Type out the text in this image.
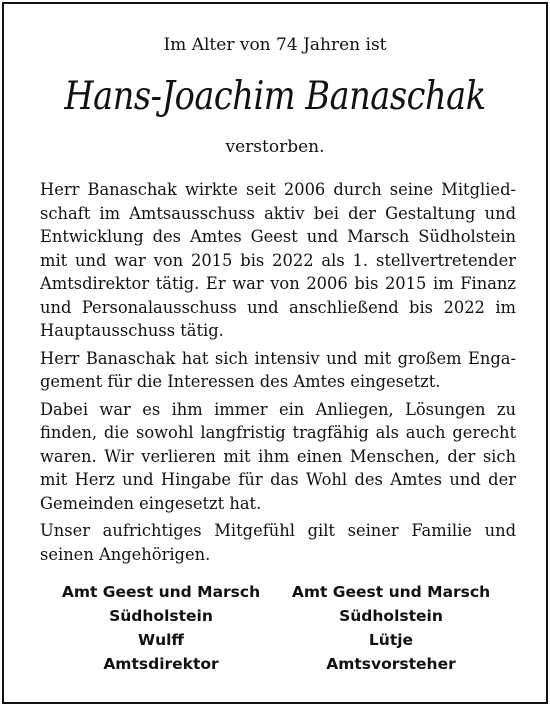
Im Alter von 74 Jahren ist
Hans-Joachim Banaschak
verstorben.

Herr Banaschak wirkte seit 2006 durch seine Mitglied-
schaft im Amtsausschuss aktiv bei der Gestaltung und
Entwicklung des Amtes Geest und Marsch Südholstein
mit und war von 2015 bis 2022 als 1. stellvertretender
Amtsdirektor tätig. Er war von 2006 bis 2015 im Finanz
und Personalausschuss und anschließend bis 2022 im
Hauptausschuss tätig.

Herr Banaschak hat sich intensiv und mit großem Enga-
gement für die Interessen des Amtes eingesetzt.

Dabei war es ihm immer ein Anliegen, Lösungen zu
finden, die sowohl langfristig tragfähig als auch gerecht
waren. Wir verlieren mit ihm einen Menschen, der sich
mit Herz und Hingabe für das Wohl des Amtes und der
Gemeinden eingesetzt hat.

Unser aufrichtiges Mitgefühl gilt seiner Familie und
seinen Angehörigen.

Amt Geest und Marsch
Südholstein
Wulff
Amtsdirektor
Amt Geest und Marsch
Südholstein
Lütje
Amtsvorsteher
